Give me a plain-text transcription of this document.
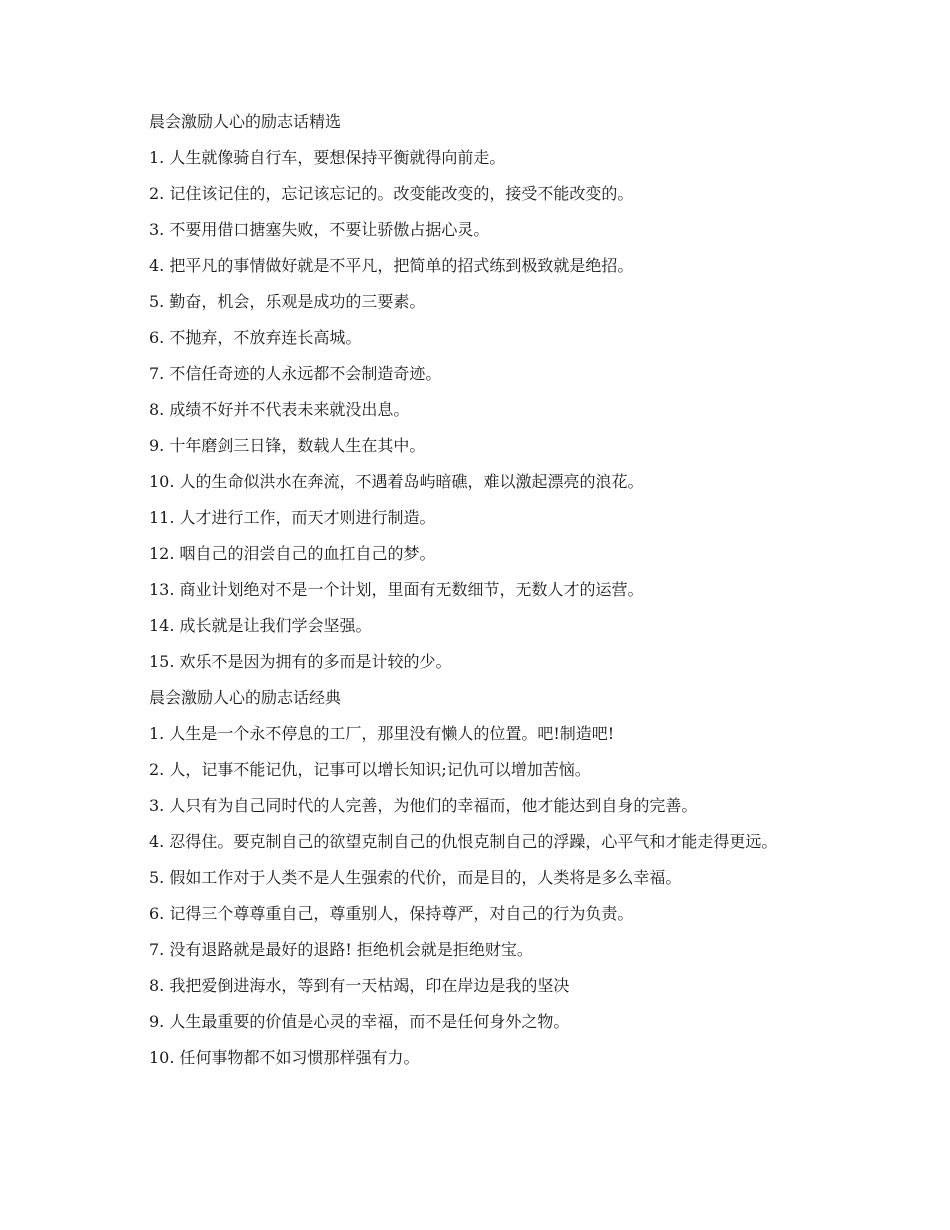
晨会激励人心的励志话精选

1. 人生就像骑自行车，要想保持平衡就得向前走。

2. 记住该记住的，忘记该忘记的。改变能改变的，接受不能改变的。

3. 不要用借口搪塞失败，不要让骄傲占据心灵。

4. 把平凡的事情做好就是不平凡，把简单的招式练到极致就是绝招。

5. 勤奋，机会，乐观是成功的三要素。

6. 不抛弃，不放弃连长高城。

7. 不信任奇迹的人永远都不会制造奇迹。

8. 成绩不好并不代表未来就没出息。

9. 十年磨剑三日锋，数载人生在其中。

10. 人的生命似洪水在奔流，不遇着岛屿暗礁，难以激起漂亮的浪花。

11. 人才进行工作，而天才则进行制造。

12. 咽自己的泪尝自己的血扛自己的梦。

13. 商业计划绝对不是一个计划，里面有无数细节，无数人才的运营。

14. 成长就是让我们学会坚强。

15. 欢乐不是因为拥有的多而是计较的少。

晨会激励人心的励志话经典

1. 人生是一个永不停息的工厂，那里没有懒人的位置。吧!制造吧!

2. 人，记事不能记仇，记事可以增长知识;记仇可以增加苦恼。

3. 人只有为自己同时代的人完善，为他们的幸福而，他才能达到自身的完善。

4. 忍得住。要克制自己的欲望克制自己的仇恨克制自己的浮躁，心平气和才能走得更远。

5. 假如工作对于人类不是人生强索的代价，而是目的，人类将是多么幸福。

6. 记得三个尊尊重自己，尊重别人，保持尊严，对自己的行为负责。

7. 没有退路就是最好的退路! 拒绝机会就是拒绝财宝。

8. 我把爱倒进海水，等到有一天枯竭，印在岸边是我的坚决

9. 人生最重要的价值是心灵的幸福，而不是任何身外之物。

10. 任何事物都不如习惯那样强有力。
